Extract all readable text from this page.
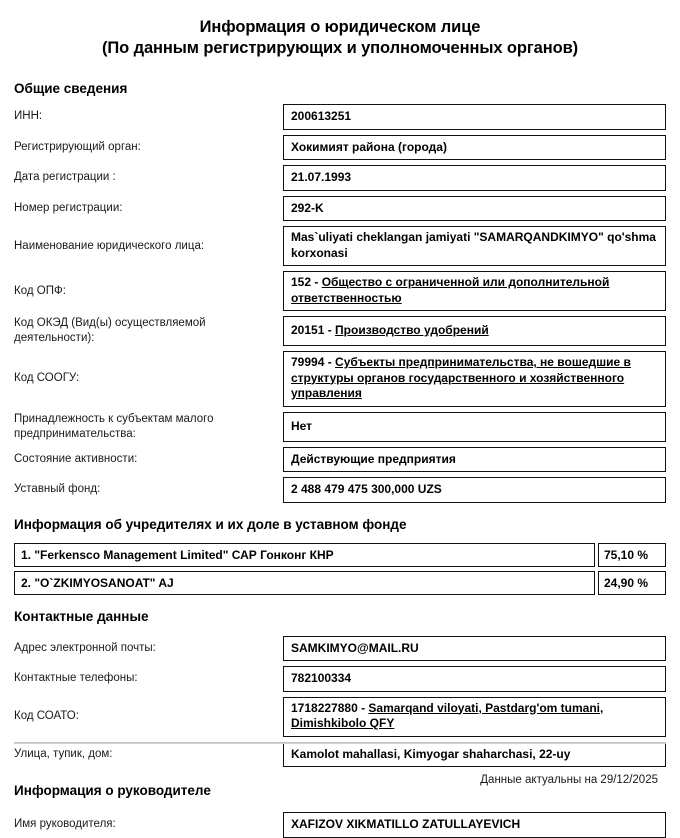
Информация о юридическом лице
(По данным регистрирующих и уполномоченных органов)
Общие сведения
ИНН:	200613251
Регистрирующий орган:	Хокимият района (города)
Дата регистрации :	21.07.1993
Номер регистрации:	292-K
Наименование юридического лица:
Mas`uliyati cheklangan jamiyati "SAMARQANDKIMYO" qo'shma korxonasi
Код ОПФ:
152 - Общество с ограниченной или дополнительной ответственностью
Код ОКЭД (Вид(ы) осуществляемой деятельности):
20151 - Производство удобрений
Код СООГУ:
79994 - Субъекты предпринимательства, не вошедшие в структуры органов государственного и хозяйственного управления
Принадлежность к субъектам малого предпринимательства:
Нет
Состояние активности:	Действующие предприятия
Уставный фонд:	2 488 479 475 300,000 UZS
Информация об учредителях и их доле в уставном фонде
1. "Ferkensco Management Limited" САР Гонконг КНР	75,10 %
2. "O`ZKIMYOSANOAT" AJ	24,90 %
Контактные данные
Адрес электронной почты:	SAMKIMYO@MAIL.RU
Контактные телефоны:	782100334
Код СОАТО:
1718227880 - Samarqand viloyati, Pastdarg'om tumani, Dimishkibolo QFY
Улица, тупик, дом:	Kamolot mahallasi, Kimyogar shaharchasi, 22-uy
Информация о руководителе
Имя руководителя:	XAFIZOV XIKMATILLO ZATULLAYEVICH
Данные актуальны на 29/12/2025
